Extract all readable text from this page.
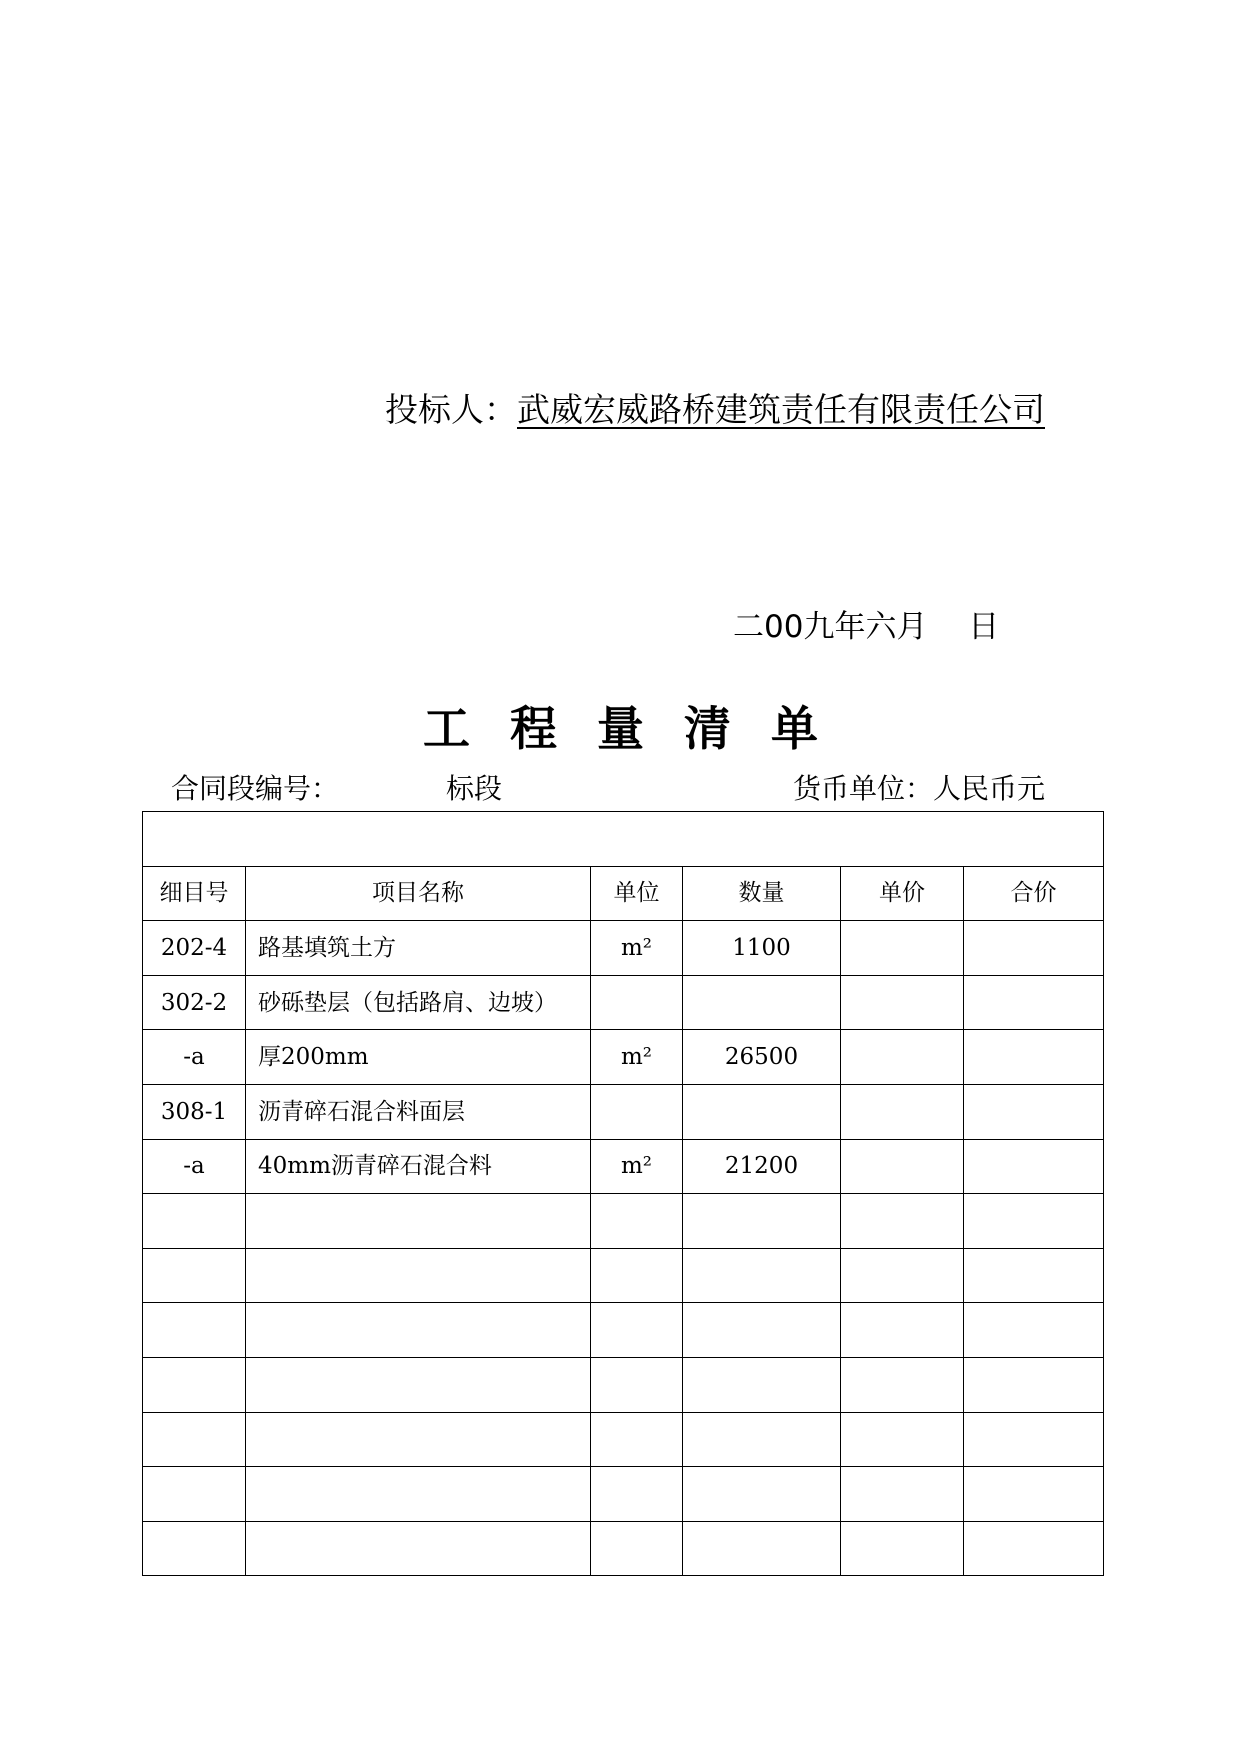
投标人：武威宏威路桥建筑责任有限责任公司
二00九年六月　 日
工程量清单
合同段编号：	标段	货币单位：人民币元

细目号	项目名称	单位	数量	单价	合价
202-4	路基填筑土方	m²	1100		
302-2	砂砾垫层（包括路肩、边坡）				
-a	厚200mm	m²	26500		
308-1	沥青碎石混合料面层				
-a	40mm沥青碎石混合料	m²	21200		
